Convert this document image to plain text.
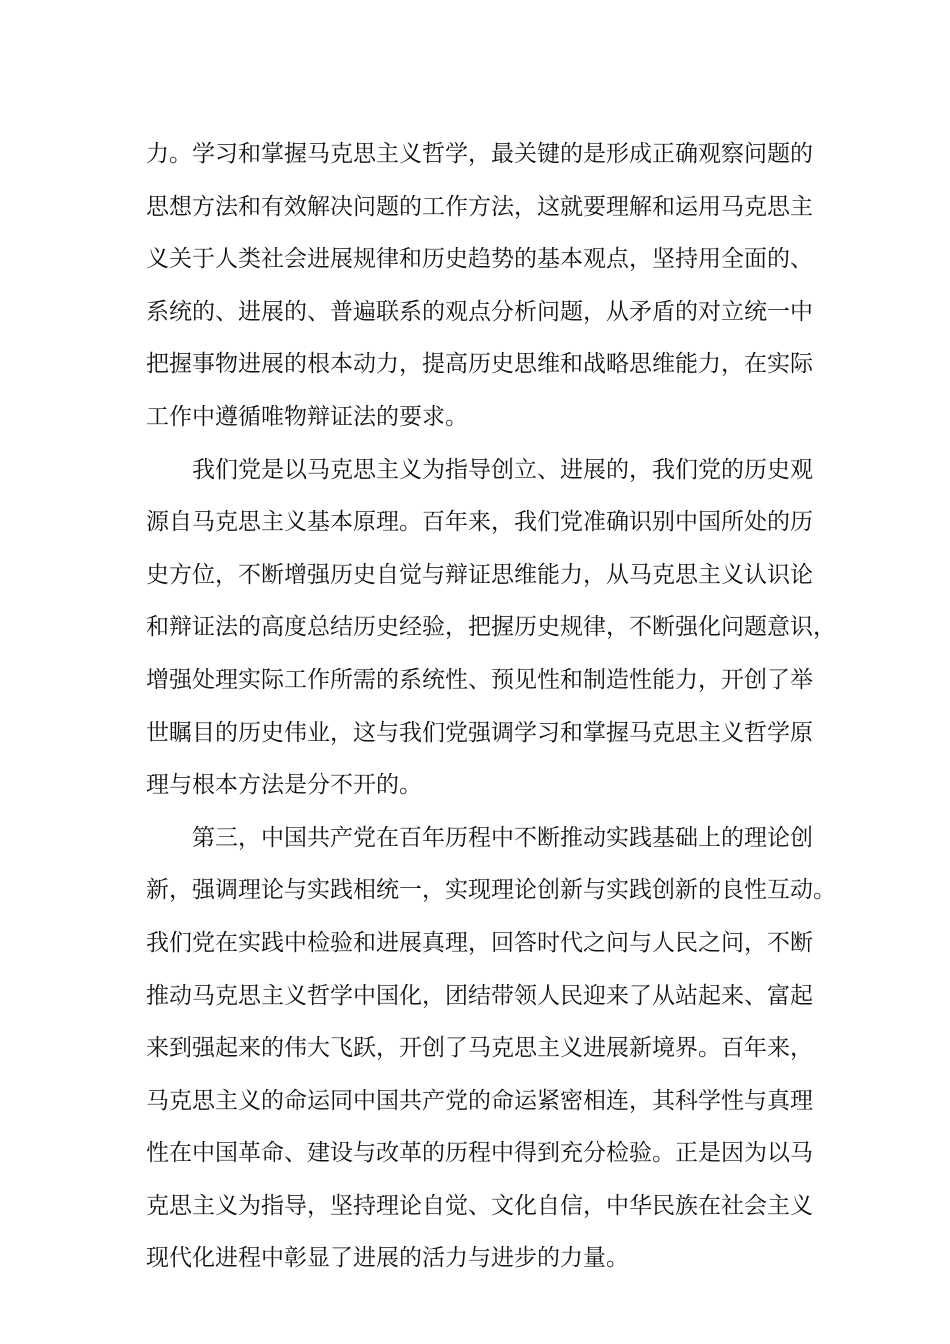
力。学习和掌握马克思主义哲学，最关键的是形成正确观察问题的
思想方法和有效解决问题的工作方法，这就要理解和运用马克思主
义关于人类社会进展规律和历史趋势的基本观点，坚持用全面的、
系统的、进展的、普遍联系的观点分析问题，从矛盾的对立统一中
把握事物进展的根本动力，提高历史思维和战略思维能力，在实际
工作中遵循唯物辩证法的要求。
我们党是以马克思主义为指导创立、进展的，我们党的历史观
源自马克思主义基本原理。百年来，我们党准确识别中国所处的历
史方位，不断增强历史自觉与辩证思维能力，从马克思主义认识论
和辩证法的高度总结历史经验，把握历史规律，不断强化问题意识，
增强处理实际工作所需的系统性、预见性和制造性能力，开创了举
世瞩目的历史伟业，这与我们党强调学习和掌握马克思主义哲学原
理与根本方法是分不开的。
第三，中国共产党在百年历程中不断推动实践基础上的理论创
新，强调理论与实践相统一，实现理论创新与实践创新的良性互动。
我们党在实践中检验和进展真理，回答时代之问与人民之问，不断
推动马克思主义哲学中国化，团结带领人民迎来了从站起来、富起
来到强起来的伟大飞跃，开创了马克思主义进展新境界。百年来，
马克思主义的命运同中国共产党的命运紧密相连，其科学性与真理
性在中国革命、建设与改革的历程中得到充分检验。正是因为以马
克思主义为指导，坚持理论自觉、文化自信，中华民族在社会主义
现代化进程中彰显了进展的活力与进步的力量。
